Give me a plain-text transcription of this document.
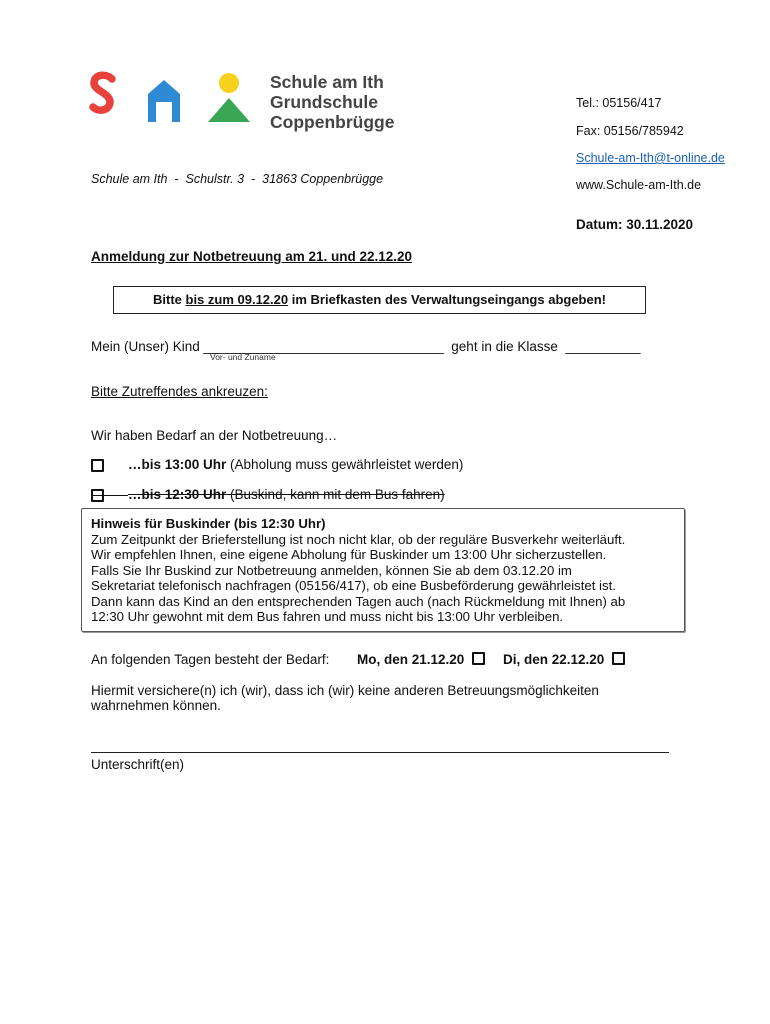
Schule am Ith
Grundschule
Coppenbrügge
Tel.: 05156/417
Fax: 05156/785942
Schule-am-Ith@t-online.de
www.Schule-am-Ith.de
Schule am Ith  -  Schulstr. 3  -  31863 Coppenbrügge
Datum: 30.11.2020
Anmeldung zur Notbetreuung am 21. und 22.12.20
Bitte bis zum 09.12.20 im Briefkasten des Verwaltungseingangs abgeben!
Mein (Unser) Kind ________________________________  geht in die Klasse  __________
Vor- und Zuname
Bitte Zutreffendes ankreuzen:
Wir haben Bedarf an der Notbetreuung…
…bis 13:00 Uhr (Abholung muss gewährleistet werden)
…bis 12:30 Uhr (Buskind, kann mit dem Bus fahren)
Hinweis für Buskinder (bis 12:30 Uhr)
Zum Zeitpunkt der Brieferstellung ist noch nicht klar, ob der reguläre Busverkehr weiterläuft.
Wir empfehlen Ihnen, eine eigene Abholung für Buskinder um 13:00 Uhr sicherzustellen.
Falls Sie Ihr Buskind zur Notbetreuung anmelden, können Sie ab dem 03.12.20 im
Sekretariat telefonisch nachfragen (05156/417), ob eine Busbeförderung gewährleistet ist.
Dann kann das Kind an den entsprechenden Tagen auch (nach Rückmeldung mit Ihnen) ab
12:30 Uhr gewohnt mit dem Bus fahren und muss nicht bis 13:00 Uhr verbleiben.
An folgenden Tagen besteht der Bedarf: Mo, den 21.12.20	Di, den 22.12.20
Hiermit versichere(n) ich (wir), dass ich (wir) keine anderen Betreuungsmöglichkeiten
wahrnehmen können.
Unterschrift(en)
